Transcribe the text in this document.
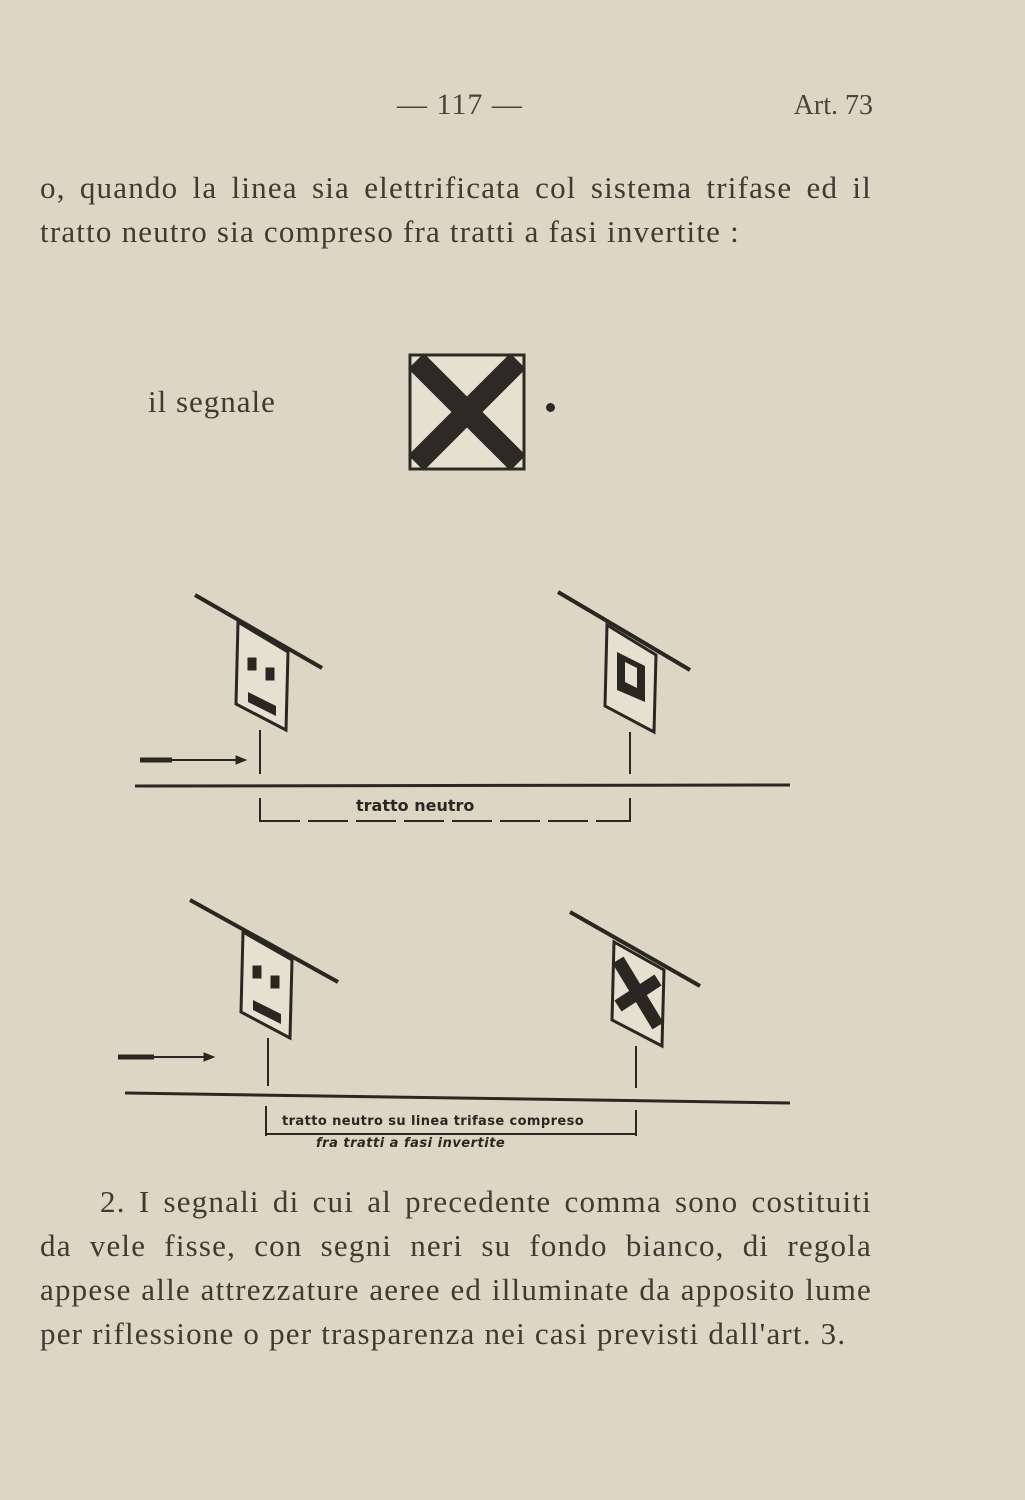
— 117 —	Art. 73
o, quando la linea sia elettrificata col sistema trifase ed il tratto neutro sia compreso fra tratti a fasi invertite :
il segnale
tratto neutro
tratto neutro su linea trifase compreso
fra tratti a fasi invertite
2. I segnali di cui al precedente comma sono costituiti da vele fisse, con segni neri su fondo bianco, di regola appese alle attrezzature aeree ed illuminate da apposito lume per riflessione o per trasparenza nei casi previsti dall'art. 3.
